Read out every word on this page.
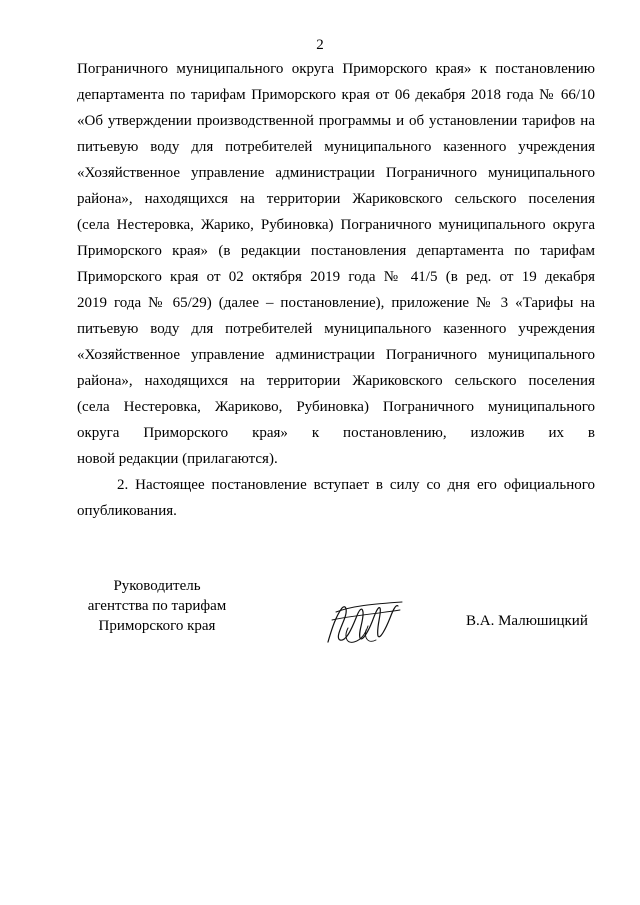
2
Пограничного муниципального округа Приморского края» к постановлению
департамента по тарифам Приморского края от 06 декабря 2018 года № 66/10
«Об утверждении производственной программы и об установлении тарифов на
питьевую воду для потребителей муниципального казенного учреждения
«Хозяйственное управление администрации Пограничного муниципального
района», находящихся на территории Жариковского сельского поселения
(села Нестеровка, Жарико, Рубиновка) Пограничного муниципального округа
Приморского края» (в редакции постановления департамента по тарифам
Приморского края от 02 октября 2019 года № 41/5 (в ред. от 19 декабря
2019 года № 65/29) (далее – постановление), приложение № 3 «Тарифы на
питьевую воду для потребителей муниципального казенного учреждения
«Хозяйственное управление администрации Пограничного муниципального
района», находящихся на территории Жариковского сельского поселения
(села Нестеровка, Жариково, Рубиновка) Пограничного муниципального
округа Приморского края» к постановлению, изложив их в
новой редакции (прилагаются).
2. Настоящее постановление вступает в силу со дня его официального
опубликования.
Руководитель
агентства по тарифам
Приморского края	В.А. Малюшицкий
